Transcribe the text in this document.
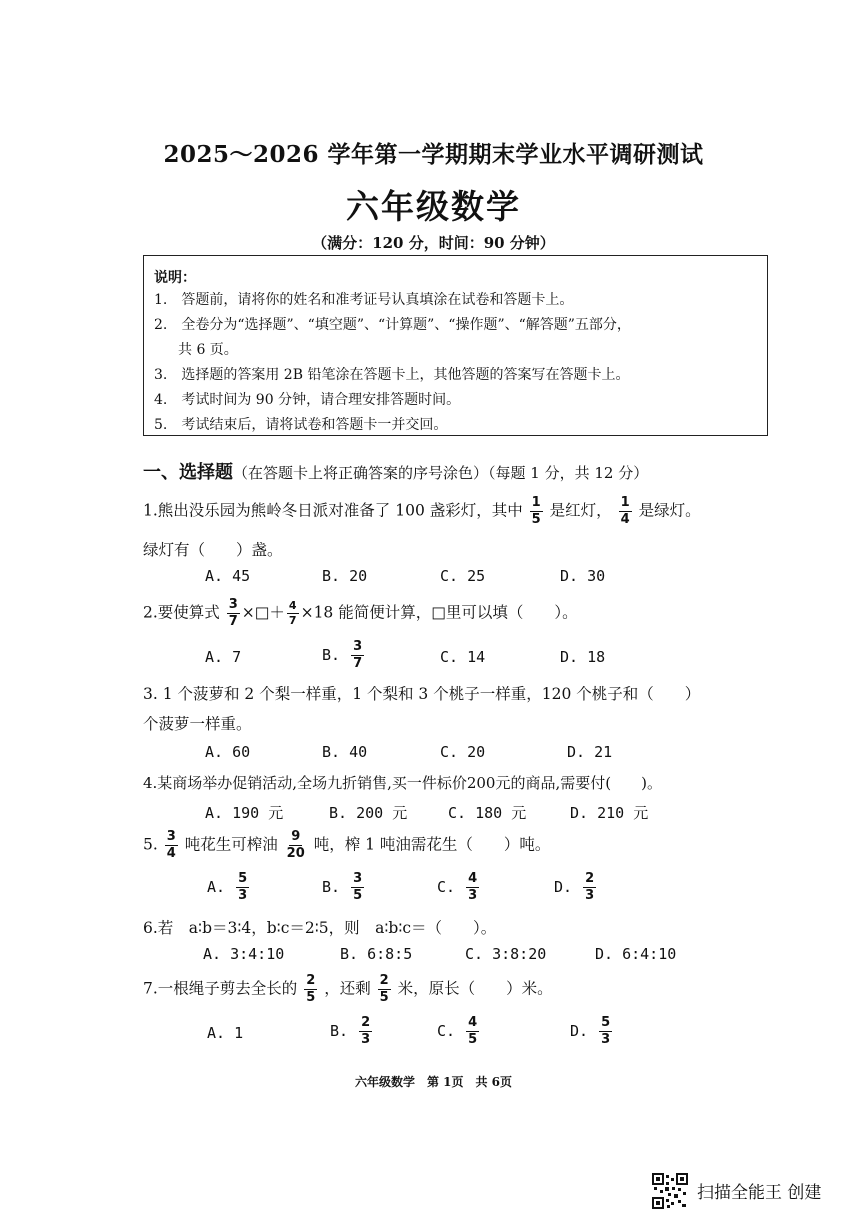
2025～2026 学年第一学期期末学业水平调研测试
六年级数学
（满分：120 分，时间：90 分钟）
说明：
1.　答题前，请将你的姓名和准考证号认真填涂在试卷和答题卡上。
2.　全卷分为“选择题”、“填空题”、“计算题”、“操作题”、“解答题”五部分，
共 6 页。
3.　选择题的答案用 2B 铅笔涂在答题卡上，其他答题的答案写在答题卡上。
4.　考试时间为 90 分钟，请合理安排答题时间。
5.　考试结束后，请将试卷和答题卡一并交回。
一、选择题（在答题卡上将正确答案的序号涂色）（每题 1 分，共 12 分）
1.熊出没乐园为熊岭冬日派对准备了 100 盏彩灯，其中 $\frac{1}{5}$ 是红灯， $\frac{1}{4}$ 是绿灯。
绿灯有（　　）盏。
A. 45	B. 20	C. 25	D. 30
2.要使算式 $\frac{3}{7}$ ×□＋ $\frac{4}{7} \times 18$ 能简便计算，□里可以填（　　）。
A. 7	B. $\frac{3}{7}$	C. 14	D. 18
3. 1 个菠萝和 2 个梨一样重，1 个梨和 3 个桃子一样重，120 个桃子和（　　）
个菠萝一样重。
A. 60	B. 40	C. 20	D. 21
4.某商场举办促销活动,全场九折销售,买一件标价200元的商品,需要付(　　)。
A. 190 元	B. 200 元	C. 180 元	D. 210 元
5. $\frac{3}{4}$ 吨花生可榨油 $\frac{9}{20}$ 吨，榨 1 吨油需花生（　　）吨。
A. $\frac{5}{3}$	B. $\frac{3}{5}$	C. $\frac{4}{3}$	D. $\frac{2}{3}$
6.若　a∶b＝3∶4，b∶c＝2∶5，则　a∶b∶c＝（　　）。
A. 3:4:10	B. 6:8:5	C. 3:8:20	D. 6:4:10
7.一根绳子剪去全长的 $\frac{2}{5}$ ，还剩 $\frac{2}{5}$ 米，原长（　　）米。
A. 1	B. $\frac{2}{3}$	C. $\frac{4}{5}$	D. $\frac{5}{3}$
六年级数学　第 1页　共 6页
扫描全能王 创建
